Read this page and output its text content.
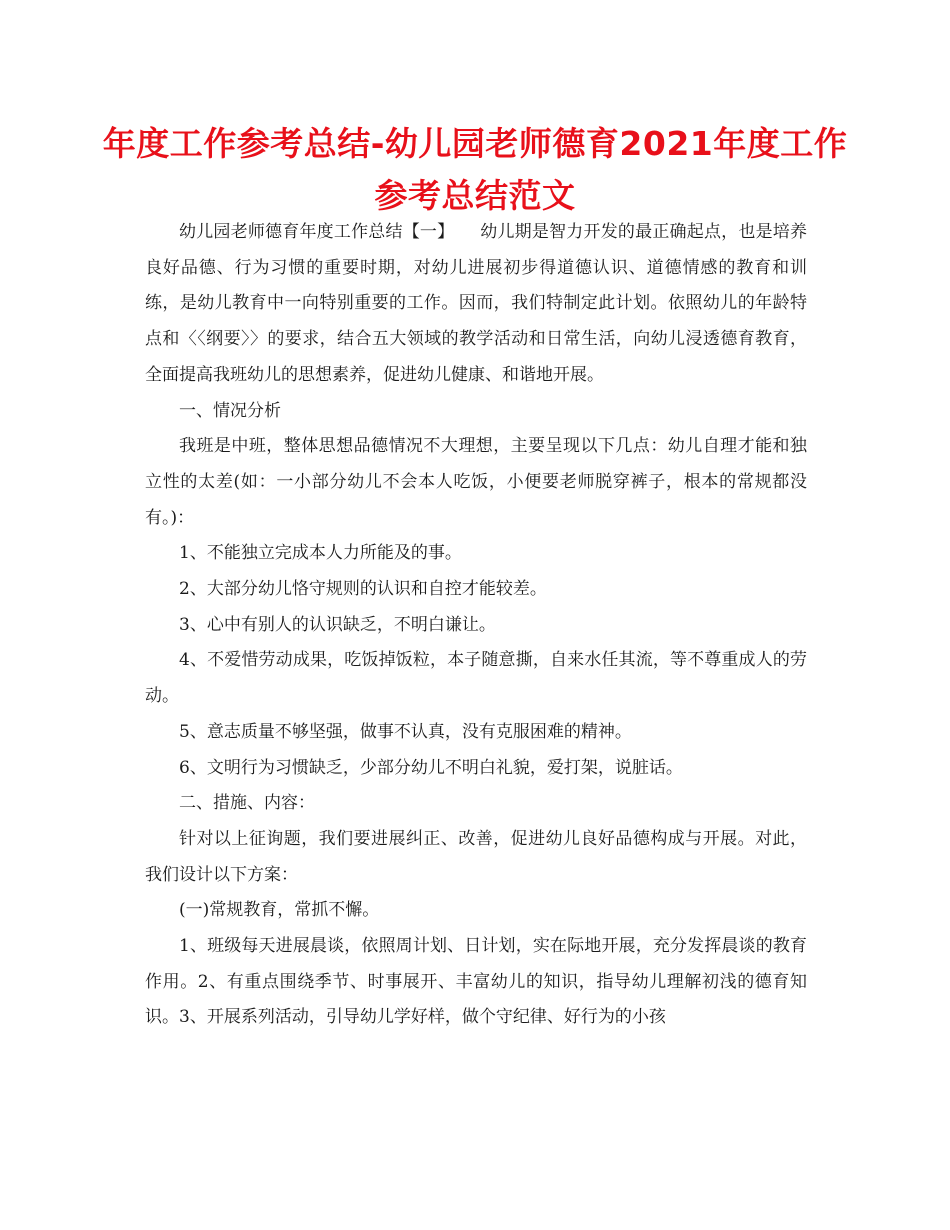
年度工作参考总结-幼儿园老师德育2021年度工作参考总结范文

幼儿园老师德育年度工作总结【一】　　幼儿期是智力开发的最正确起点，也是培养良好品德、行为习惯的重要时期，对幼儿进展初步得道德认识、道德情感的教育和训练，是幼儿教育中一向特别重要的工作。因而，我们特制定此计划。依照幼儿的年龄特点和〈〈纲要〉〉的要求，结合五大领域的教学活动和日常生活，向幼儿浸透德育教育，全面提高我班幼儿的思想素养，促进幼儿健康、和谐地开展。

一、情况分析

我班是中班，整体思想品德情况不大理想，主要呈现以下几点：幼儿自理才能和独立性的太差(如：一小部分幼儿不会本人吃饭，小便要老师脱穿裤子，根本的常规都没有。)：

1、不能独立完成本人力所能及的事。

2、大部分幼儿恪守规则的认识和自控才能较差。

3、心中有别人的认识缺乏，不明白谦让。

4、不爱惜劳动成果，吃饭掉饭粒，本子随意撕，自来水任其流，等不尊重成人的劳动。

5、意志质量不够坚强，做事不认真，没有克服困难的精神。

6、文明行为习惯缺乏，少部分幼儿不明白礼貌，爱打架，说脏话。

二、措施、内容：

针对以上征询题，我们要进展纠正、改善，促进幼儿良好品德构成与开展。对此，我们设计以下方案：

(一)常规教育，常抓不懈。

1、班级每天进展晨谈，依照周计划、日计划，实在际地开展，充分发挥晨谈的教育作用。2、有重点围绕季节、时事展开、丰富幼儿的知识，指导幼儿理解初浅的德育知识。3、开展系列活动，引导幼儿学好样，做个守纪律、好行为的小孩
